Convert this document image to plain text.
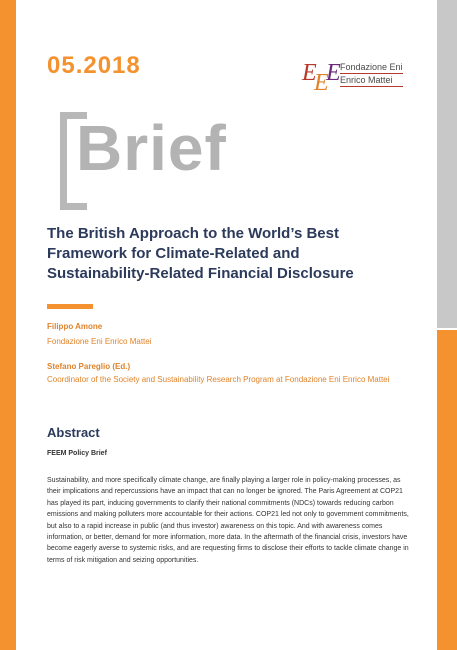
05.2018	E
E
E Fondazione Eni
Enrico Mattei
Brief
The British Approach to the World’s Best
Framework for Climate-Related and
Sustainability-Related Financial Disclosure
Filippo Amone
Fondazione Eni Enrico Mattei
Stefano Pareglio (Ed.)
Coordinator of the Society and Sustainability Research Program at Fondazione Eni Enrico Mattei
Abstract
FEEM Policy Brief
Sustainability, and more specifically climate change, are finally playing a larger role in policy-making processes, as their implications and repercussions have an impact that can no longer be ignored. The Paris Agreement at COP21 has played its part, inducing governments to clarify their national commitments (NDCs) towards reducing carbon emissions and making polluters more accountable for their actions. COP21 led not only to government commitments, but also to a rapid increase in public (and thus investor) awareness on this topic. And with awareness comes information, or better, demand for more information, more data. In the aftermath of the financial crisis, investors have become eagerly averse to systemic risks, and are requesting firms to disclose their efforts to tackle climate change in terms of risk mitigation and seizing opportunities.
